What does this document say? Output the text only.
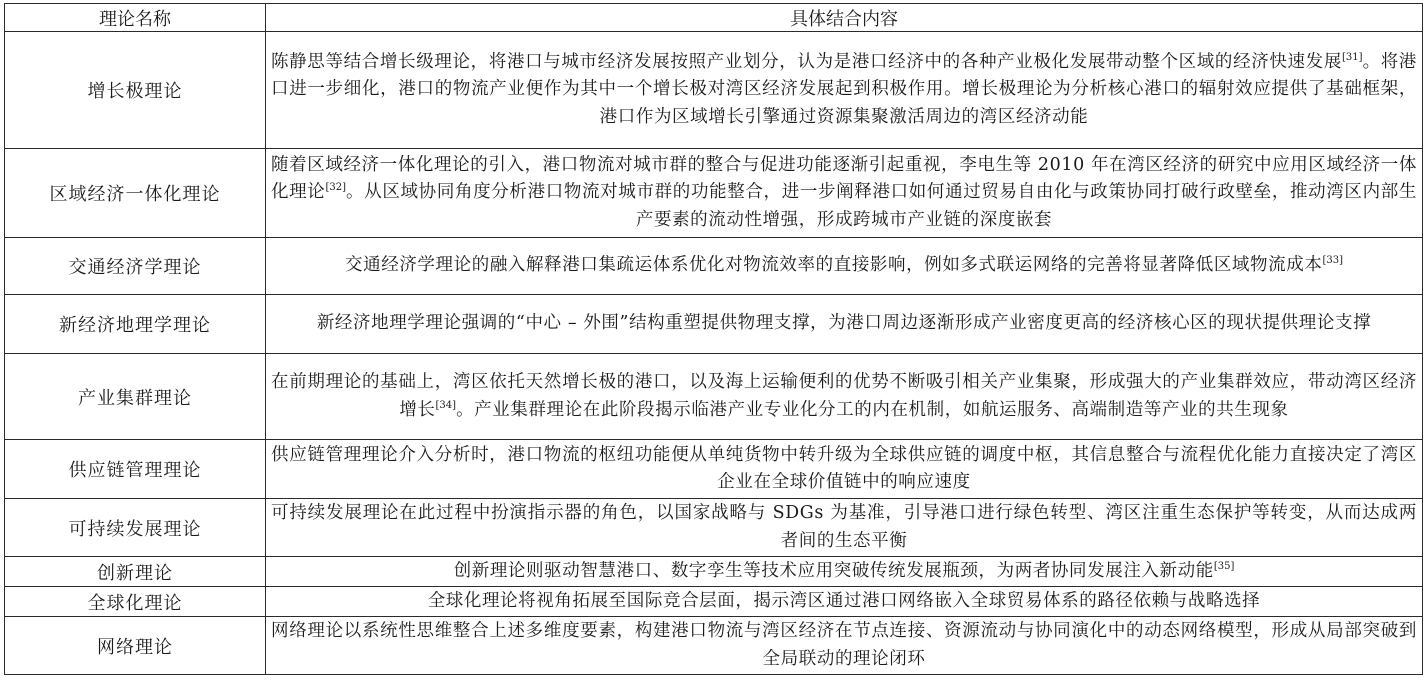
理论名称	具体结合内容
增长极理论	陈静思等结合增长级理论，将港口与城市经济发展按照产业划分，认为是港口经济中的各种产业极化发展带动整个区域的经济快速发展[31]。将港口进一步细化，港口的物流产业便作为其中一个增长极对湾区经济发展起到积极作用。增长极理论为分析核心港口的辐射效应提供了基础框架，港口作为区域增长引擎通过资源集聚激活周边的湾区经济动能
区域经济一体化理论	随着区域经济一体化理论的引入，港口物流对城市群的整合与促进功能逐渐引起重视，李电生等 2010 年在湾区经济的研究中应用区域经济一体化理论[32]。从区域协同角度分析港口物流对城市群的功能整合，进一步阐释港口如何通过贸易自由化与政策协同打破行政壁垒，推动湾区内部生产要素的流动性增强，形成跨城市产业链的深度嵌套
交通经济学理论	交通经济学理论的融入解释港口集疏运体系优化对物流效率的直接影响，例如多式联运网络的完善将显著降低区域物流成本[33]
新经济地理学理论	新经济地理学理论强调的“中心 – 外围”结构重塑提供物理支撑，为港口周边逐渐形成产业密度更高的经济核心区的现状提供理论支撑
产业集群理论	在前期理论的基础上，湾区依托天然增长极的港口，以及海上运输便利的优势不断吸引相关产业集聚，形成强大的产业集群效应，带动湾区经济增长[34]。产业集群理论在此阶段揭示临港产业专业化分工的内在机制，如航运服务、高端制造等产业的共生现象
供应链管理理论	供应链管理理论介入分析时，港口物流的枢纽功能便从单纯货物中转升级为全球供应链的调度中枢，其信息整合与流程优化能力直接决定了湾区企业在全球价值链中的响应速度
可持续发展理论	可持续发展理论在此过程中扮演指示器的角色，以国家战略与 SDGs 为基准，引导港口进行绿色转型、湾区注重生态保护等转变，从而达成两者间的生态平衡
创新理论	创新理论则驱动智慧港口、数字孪生等技术应用突破传统发展瓶颈，为两者协同发展注入新动能[35]
全球化理论	全球化理论将视角拓展至国际竞合层面，揭示湾区通过港口网络嵌入全球贸易体系的路径依赖与战略选择
网络理论	网络理论以系统性思维整合上述多维度要素，构建港口物流与湾区经济在节点连接、资源流动与协同演化中的动态网络模型，形成从局部突破到全局联动的理论闭环
